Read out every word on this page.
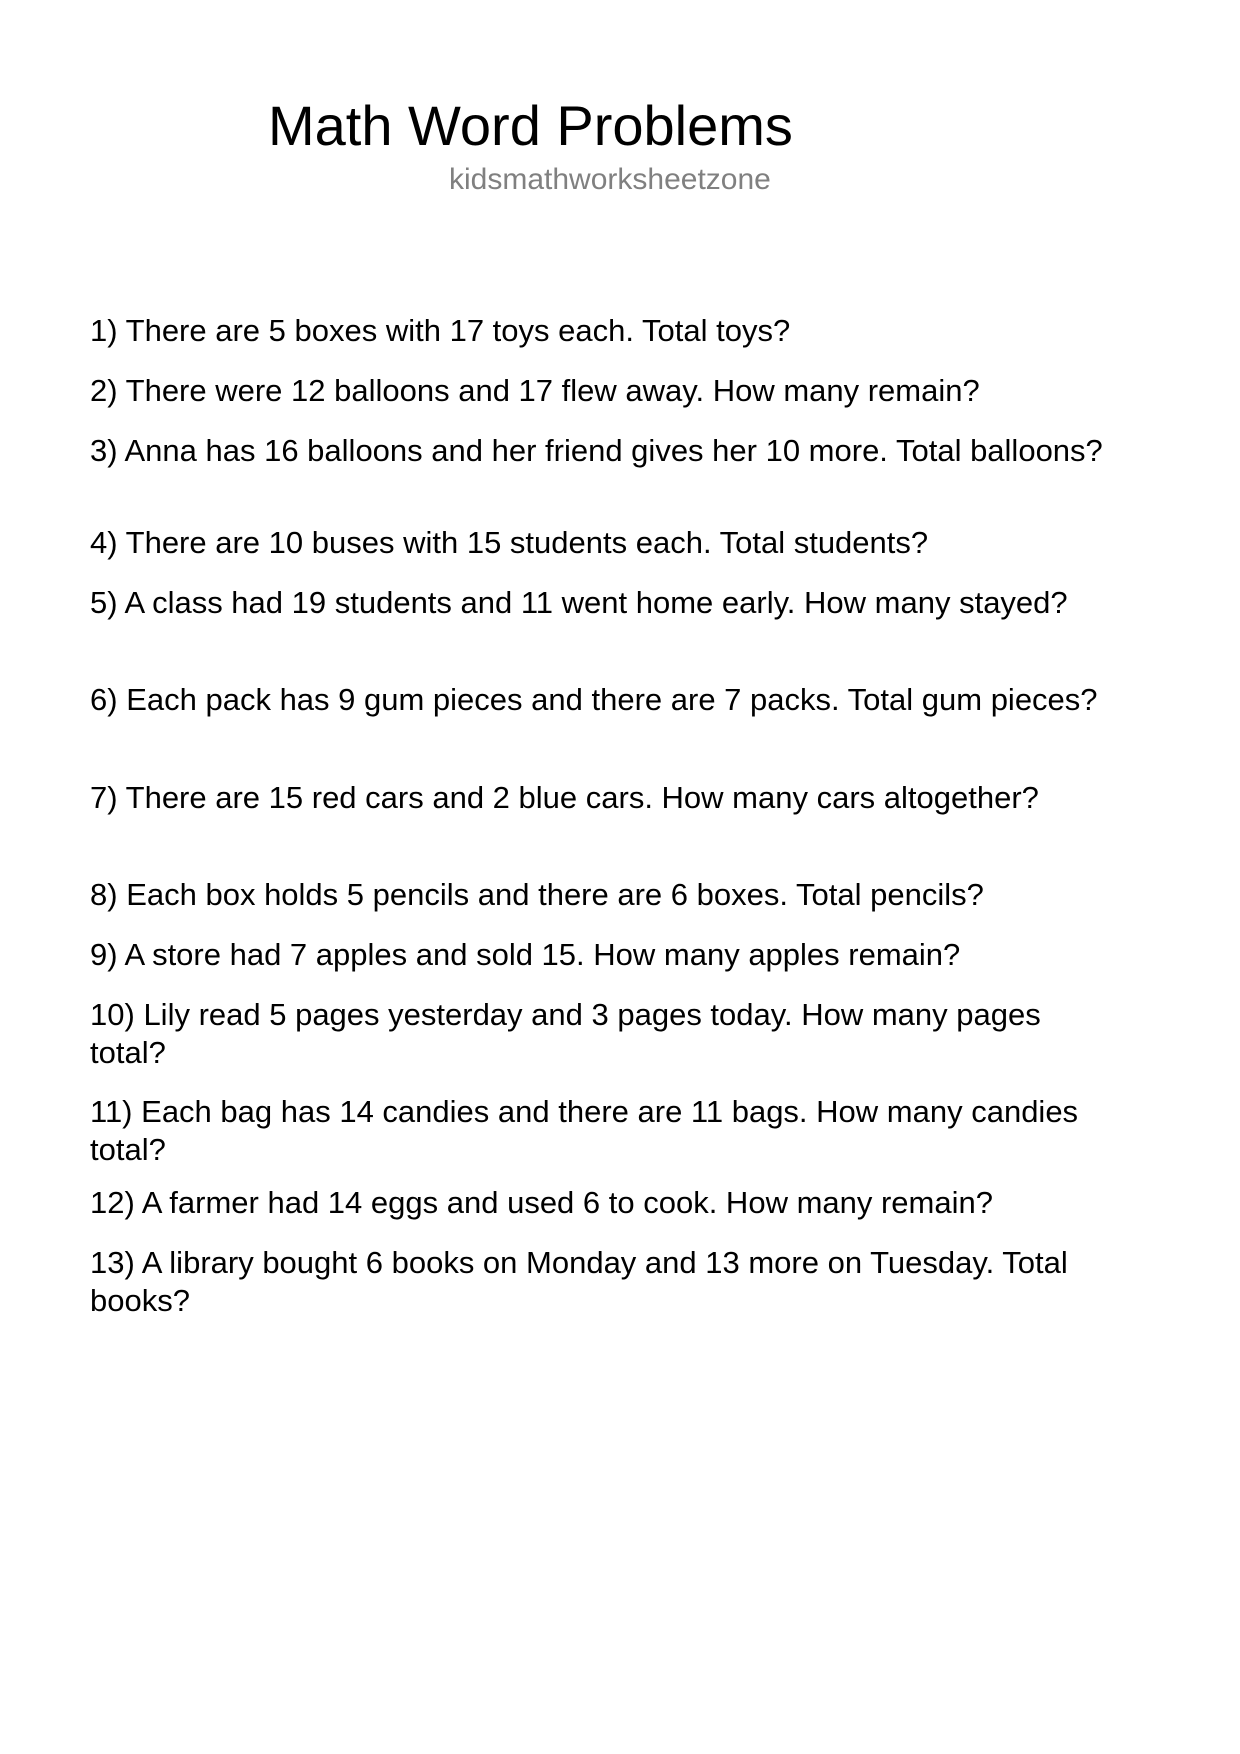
Math Word Problems
kidsmathworksheetzone
1) There are 5 boxes with 17 toys each. Total toys?
2) There were 12 balloons and 17 flew away. How many remain?
3) Anna has 16 balloons and her friend gives her 10 more. Total balloons?
4) There are 10 buses with 15 students each. Total students?
5) A class had 19 students and 11 went home early. How many stayed?
6) Each pack has 9 gum pieces and there are 7 packs. Total gum pieces?
7) There are 15 red cars and 2 blue cars. How many cars altogether?
8) Each box holds 5 pencils and there are 6 boxes. Total pencils?
9) A store had 7 apples and sold 15. How many apples remain?
10) Lily read 5 pages yesterday and 3 pages today. How many pages total?
11) Each bag has 14 candies and there are 11 bags. How many candies total?
12) A farmer had 14 eggs and used 6 to cook. How many remain?
13) A library bought 6 books on Monday and 13 more on Tuesday. Total books?
